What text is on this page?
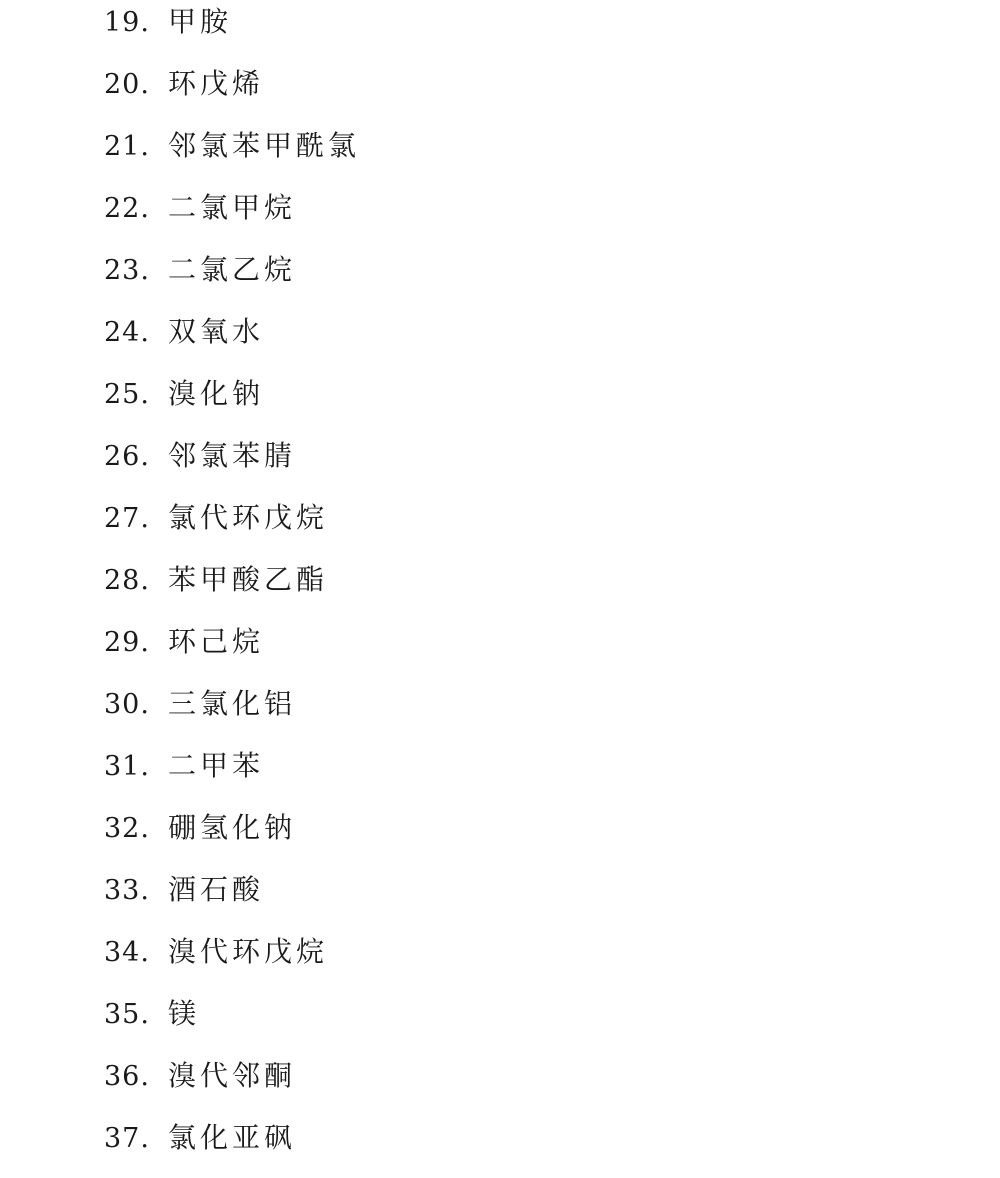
19. 甲胺
20. 环戊烯
21. 邻氯苯甲酰氯
22. 二氯甲烷
23. 二氯乙烷
24. 双氧水
25. 溴化钠
26. 邻氯苯腈
27. 氯代环戊烷
28. 苯甲酸乙酯
29. 环己烷
30. 三氯化铝
31. 二甲苯
32. 硼氢化钠
33. 酒石酸
34. 溴代环戊烷
35. 镁
36. 溴代邻酮
37. 氯化亚砜
